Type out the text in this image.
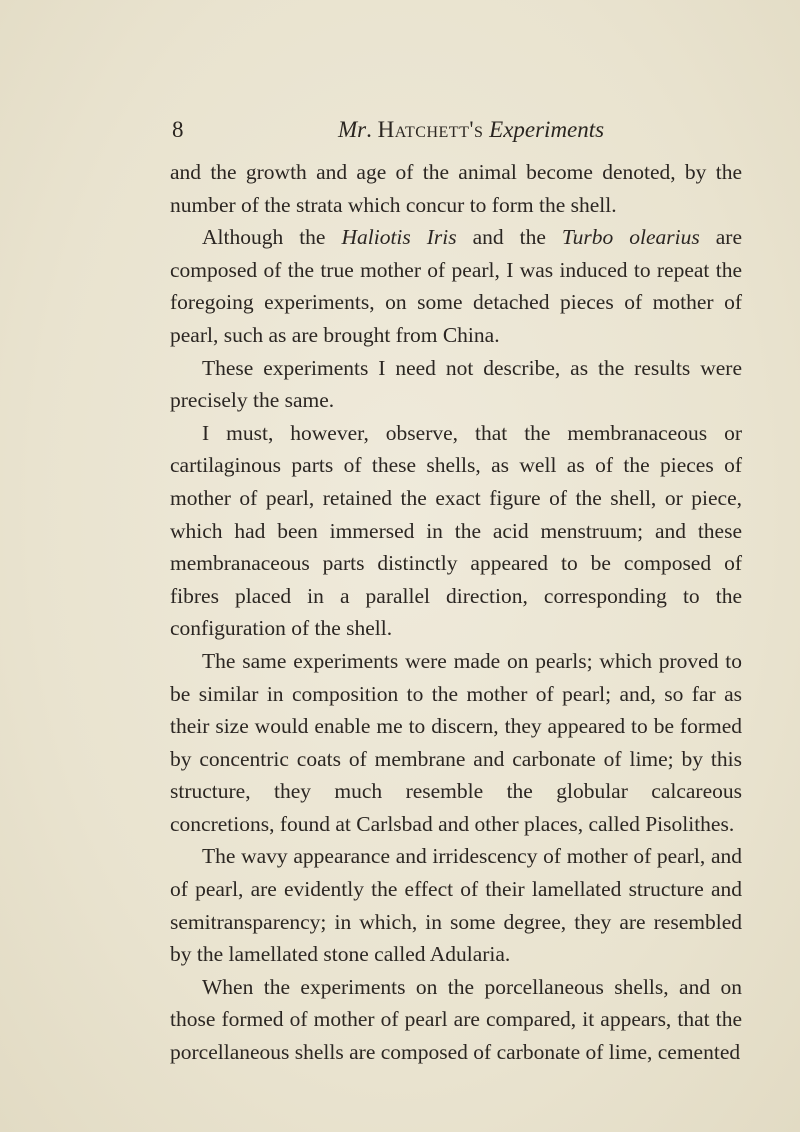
8	Mr. Hatchett's Experiments

and the growth and age of the animal become denoted, by the number of the strata which concur to form the shell.

Although the Haliotis Iris and the Turbo olearius are composed of the true mother of pearl, I was induced to repeat the foregoing experiments, on some detached pieces of mother of pearl, such as are brought from China.

These experiments I need not describe, as the results were precisely the same.

I must, however, observe, that the membranaceous or cartilaginous parts of these shells, as well as of the pieces of mother of pearl, retained the exact figure of the shell, or piece, which had been immersed in the acid menstruum; and these membranaceous parts distinctly appeared to be composed of fibres placed in a parallel direction, corresponding to the configuration of the shell.

The same experiments were made on pearls; which proved to be similar in composition to the mother of pearl; and, so far as their size would enable me to discern, they appeared to be formed by concentric coats of membrane and carbonate of lime; by this structure, they much resemble the globular calcareous concretions, found at Carlsbad and other places, called Pisolithes.

The wavy appearance and irridescency of mother of pearl, and of pearl, are evidently the effect of their lamellated structure and semitransparency; in which, in some degree, they are resembled by the lamellated stone called Adularia.

When the experiments on the porcellaneous shells, and on those formed of mother of pearl are compared, it appears, that the porcellaneous shells are composed of carbonate of lime, cemented
